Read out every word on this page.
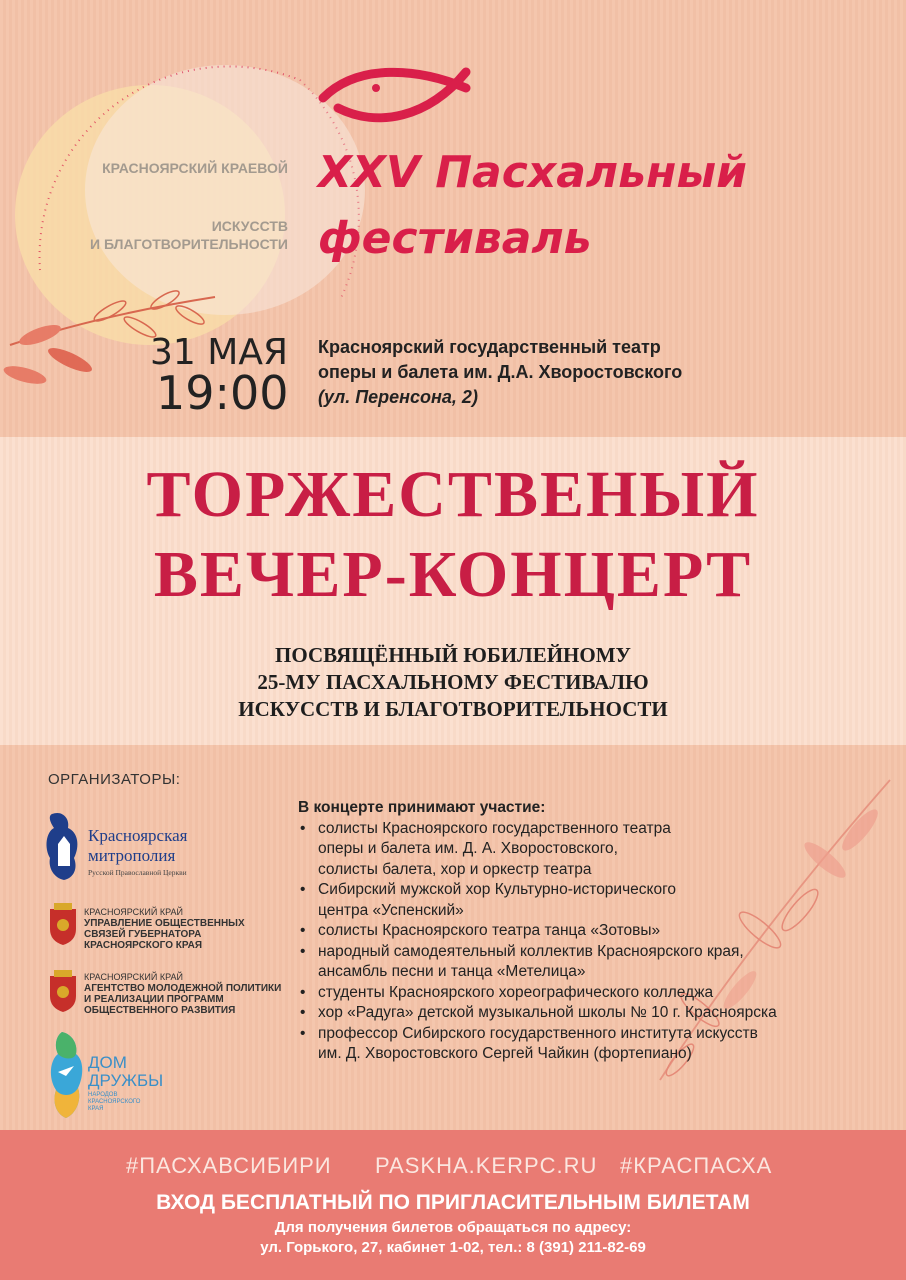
КРАСНОЯРСКИЙ КРАЕВОЙ
ИСКУССТВ
И БЛАГОТВОРИТЕЛЬНОСТИ
XXV Пасхальный
фестиваль
31 МАЯ
19:00
Красноярский государственный театр
оперы и балета им. Д.А. Хворостовского
(ул. Перенсона, 2)
ТОРЖЕСТВЕНЫЙ
ВЕЧЕР-КОНЦЕРТ
ПОСВЯЩЁННЫЙ ЮБИЛЕЙНОМУ
25-МУ ПАСХАЛЬНОМУ ФЕСТИВАЛЮ
ИСКУССТВ И БЛАГОТВОРИТЕЛЬНОСТИ
ОРГАНИЗАТОРЫ:
Красноярская
митрополия
Русской Православной Церкви
КРАСНОЯРСКИЙ КРАЙ
УПРАВЛЕНИЕ ОБЩЕСТВЕННЫХ
СВЯЗЕЙ ГУБЕРНАТОРА
КРАСНОЯРСКОГО КРАЯ
КРАСНОЯРСКИЙ КРАЙ
АГЕНТСТВО МОЛОДЕЖНОЙ ПОЛИТИКИ
И РЕАЛИЗАЦИИ ПРОГРАММ
ОБЩЕСТВЕННОГО РАЗВИТИЯ
ДОМ
ДРУЖБЫ
НАРОДОВ
КРАСНОЯРСКОГО
КРАЯ
В концерте принимают участие:
• солисты Красноярского государственного театра
оперы и балета им. Д. А. Хворостовского,
солисты балета, хор и оркестр театра
• Сибирский мужской хор Культурно-исторического
центра «Успенский»
• солисты Красноярского театра танца «Зотовы»
• народный самодеятельный коллектив Красноярского края,
ансамбль песни и танца «Метелица»
• студенты Красноярского хореографического колледжа
• хор «Радуга» детской музыкальной школы № 10 г. Красноярска
• профессор Сибирского государственного института искусств
им. Д. Хворостовского Сергей Чайкин (фортепиано)
#ПАСХАВСИБИРИ PASKHA.KERPC.RU #КРАСПАСХА
ВХОД БЕСПЛАТНЫЙ ПО ПРИГЛАСИТЕЛЬНЫМ БИЛЕТАМ
Для получения билетов обращаться по адресу:
ул. Горького, 27, кабинет 1-02, тел.: 8 (391) 211-82-69
